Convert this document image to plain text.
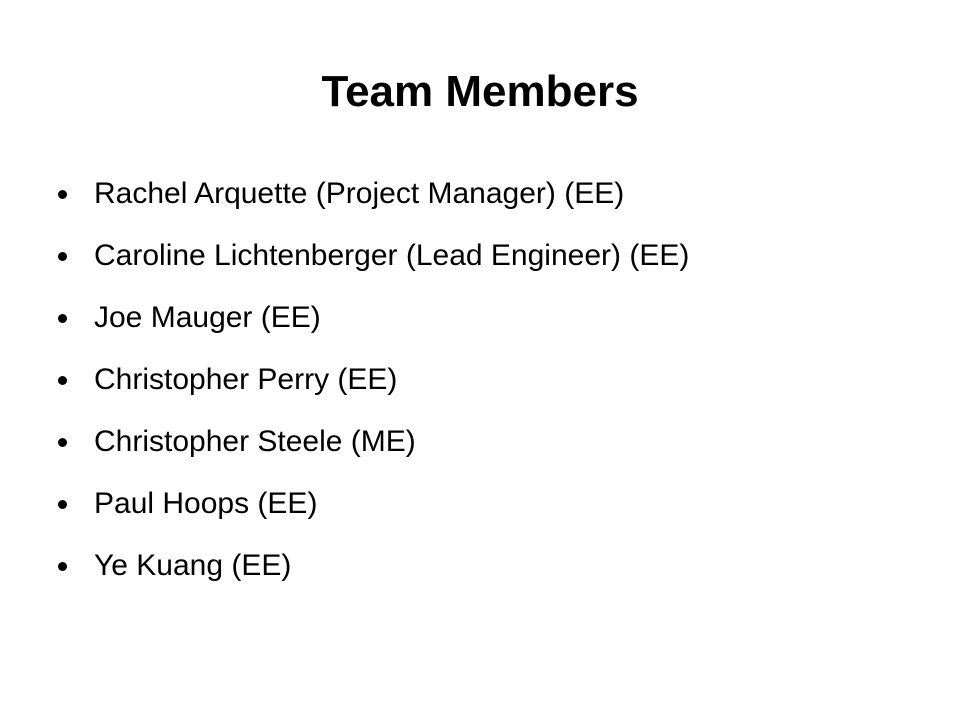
Team Members
Rachel Arquette (Project Manager) (EE)
Caroline Lichtenberger (Lead Engineer) (EE)
Joe Mauger (EE)
Christopher Perry (EE)
Christopher Steele (ME)
Paul Hoops (EE)
Ye Kuang (EE)
